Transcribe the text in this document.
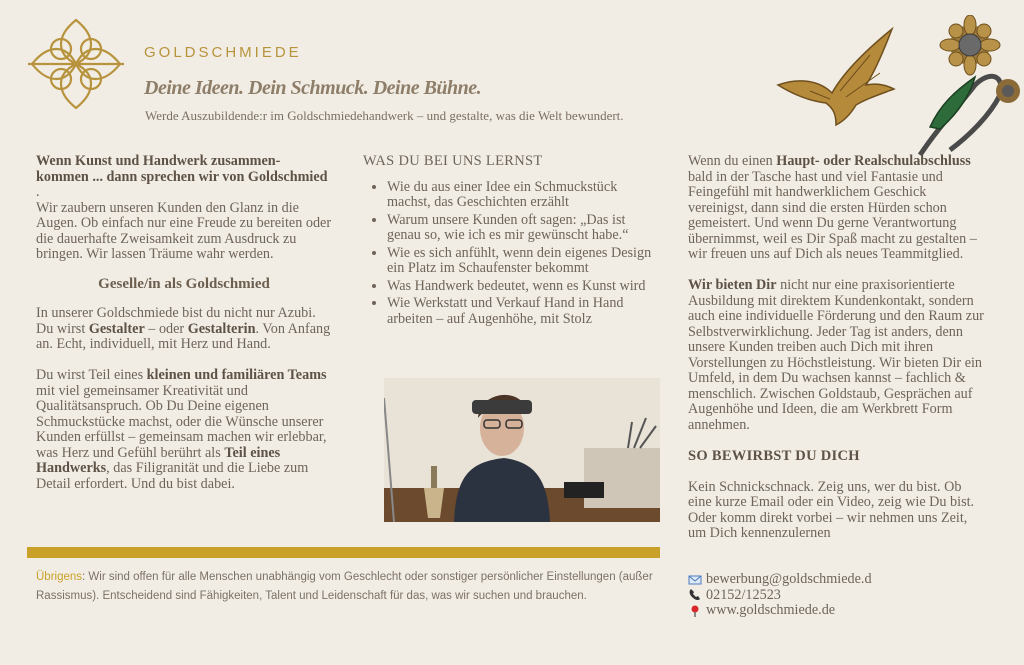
GOLDSCHMIEDE
Deine Ideen. Dein Schmuck. Deine Bühne.
Werde Auszubildende:r im Goldschmiedehandwerk – und gestalte, was die Welt bewundert.

Wenn Kunst und Handwerk zusammen-kommen ... dann sprechen wir von Goldschmied
.
Wir zaubern unseren Kunden den Glanz in die Augen. Ob einfach nur eine Freude zu bereiten oder die dauerhafte Zweisamkeit zum Ausdruck zu bringen. Wir lassen Träume wahr werden.

Geselle/in als Goldschmied

In unserer Goldschmiede bist du nicht nur Azubi. Du wirst Gestalter – oder Gestalterin. Von Anfang an. Echt, individuell, mit Herz und Hand.

Du wirst Teil eines kleinen und familiären Teams mit viel gemeinsamer Kreativität und Qualitätsanspruch. Ob Du Deine eigenen Schmuckstücke machst, oder die Wünsche unserer Kunden erfüllst – gemeinsam machen wir erlebbar, was Herz und Gefühl berührt als Teil eines Handwerks, das Filigranität und die Liebe zum Detail erfordert. Und du bist dabei.

WAS DU BEI UNS LERNST
• Wie du aus einer Idee ein Schmuckstück machst, das Geschichten erzählt
• Warum unsere Kunden oft sagen: „Das ist genau so, wie ich es mir gewünscht habe.“
• Wie es sich anfühlt, wenn dein eigenes Design ein Platz im Schaufenster bekommt
• Was Handwerk bedeutet, wenn es Kunst wird
• Wie Werkstatt und Verkauf Hand in Hand arbeiten – auf Augenhöhe, mit Stolz

Wenn du einen Haupt- oder Realschulabschluss bald in der Tasche hast und viel Fantasie und Feingefühl mit handwerklichem Geschick vereinigst, dann sind die ersten Hürden schon gemeistert. Und wenn Du gerne Verantwortung übernimmst, weil es Dir Spaß macht zu gestalten – wir freuen uns auf Dich als neues Teammitglied.

Wir bieten Dir nicht nur eine praxisorientierte Ausbildung mit direktem Kundenkontakt, sondern auch eine individuelle Förderung und den Raum zur Selbstverwirklichung. Jeder Tag ist anders, denn unsere Kunden treiben auch Dich mit ihren Vorstellungen zu Höchstleistung. Wir bieten Dir ein Umfeld, in dem Du wachsen kannst – fachlich & menschlich. Zwischen Goldstaub, Gesprächen auf Augenhöhe und Ideen, die am Werkbrett Form annehmen.

SO BEWIRBST DU DICH

Kein Schnickschnack. Zeig uns, wer du bist. Ob eine kurze Email oder ein Video, zeig wie Du bist. Oder komm direkt vorbei – wir nehmen uns Zeit, um Dich kennenzulernen

Übrigens: Wir sind offen für alle Menschen unabhängig vom Geschlecht oder sonstiger persönlicher Einstellungen (außer Rassismus). Entscheidend sind Fähigkeiten, Talent und Leidenschaft für das, was wir suchen und brauchen.
bewerbung@goldschmiede.d
02152/12523
www.goldschmiede.de
